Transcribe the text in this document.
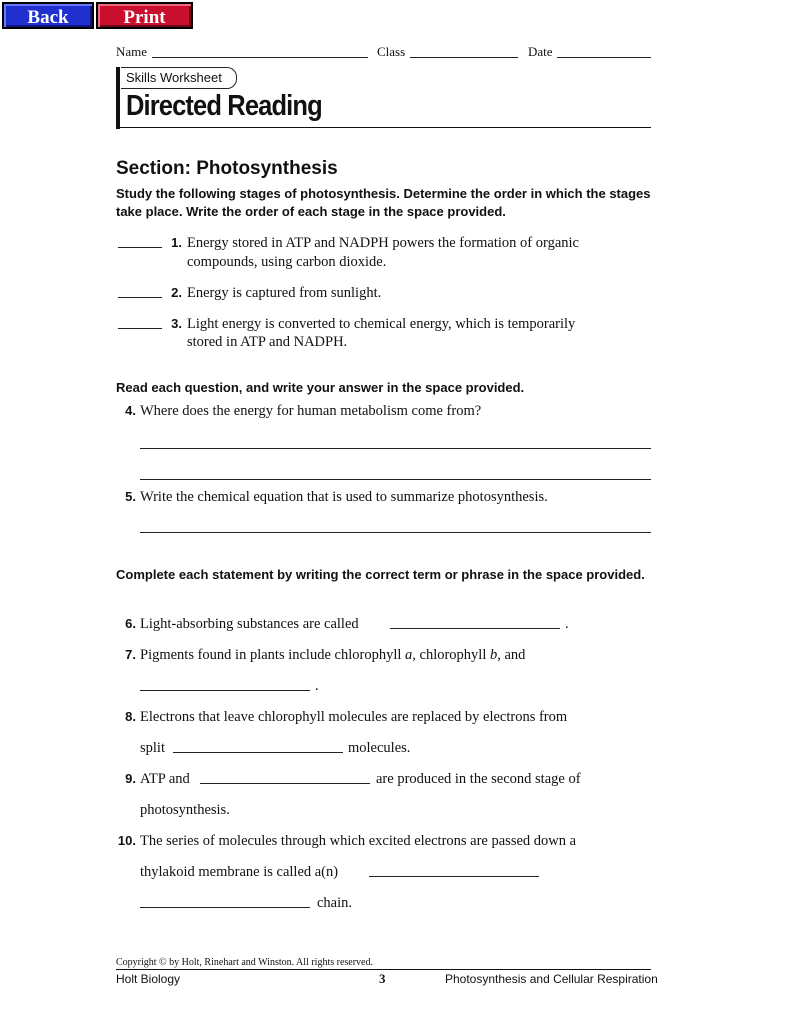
Back	Print
Name	Class	Date
Skills Worksheet
Directed Reading
Section: Photosynthesis
Study the following stages of photosynthesis. Determine the order in which the stages take place. Write the order of each stage in the space provided.
1. Energy stored in ATP and NADPH powers the formation of organic
compounds, using carbon dioxide.
2. Energy is captured from sunlight.
3. Light energy is converted to chemical energy, which is temporarily
stored in ATP and NADPH.
Read each question, and write your answer in the space provided.
4. Where does the energy for human metabolism come from?
5. Write the chemical equation that is used to summarize photosynthesis.
Complete each statement by writing the correct term or phrase in the space provided.
6. Light-absorbing substances are called	.
7. Pigments found in plants include chlorophyll a, chlorophyll b, and
.
8. Electrons that leave chlorophyll molecules are replaced by electrons from
split	molecules.
9. ATP and	are produced in the second stage of
photosynthesis.
10. The series of molecules through which excited electrons are passed down a
thylakoid membrane is called a(n)
chain.
Copyright © by Holt, Rinehart and Winston. All rights reserved.
Holt Biology	3	Photosynthesis and Cellular Respiration
